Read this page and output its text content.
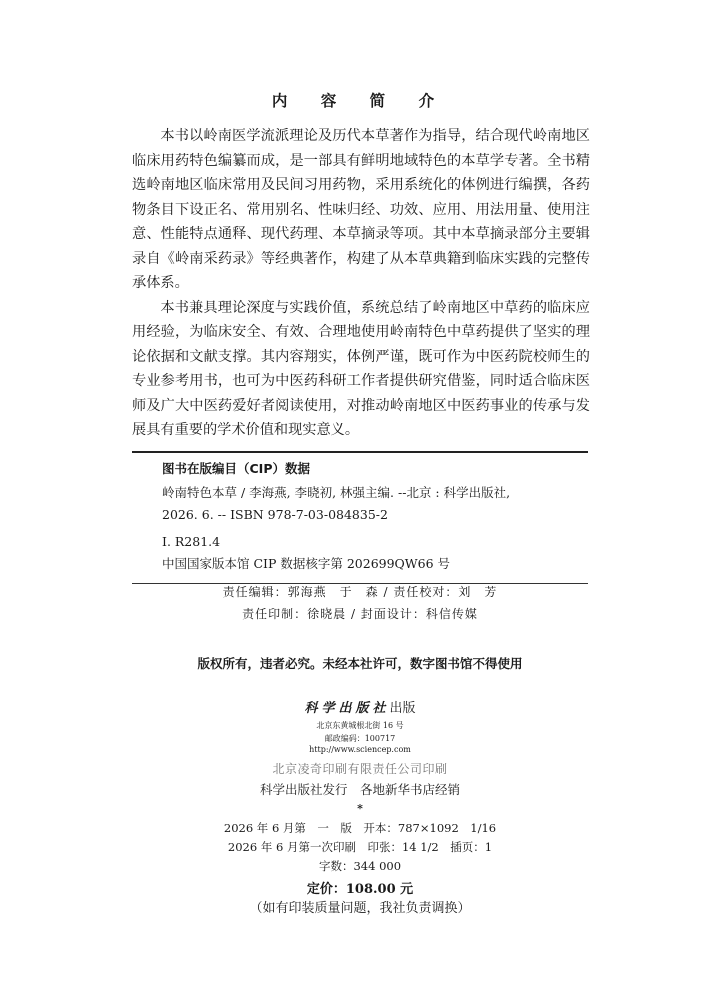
内 容 简 介

本书以岭南医学流派理论及历代本草著作为指导，结合现代岭南地区临床用药特色编纂而成，是一部具有鲜明地域特色的本草学专著。全书精选岭南地区临床常用及民间习用药物，采用系统化的体例进行编撰，各药物条目下设正名、常用别名、性味归经、功效、应用、用法用量、使用注意、性能特点通释、现代药理、本草摘录等项。其中本草摘录部分主要辑录自《岭南采药录》等经典著作，构建了从本草典籍到临床实践的完整传承体系。

本书兼具理论深度与实践价值，系统总结了岭南地区中草药的临床应用经验，为临床安全、有效、合理地使用岭南特色中草药提供了坚实的理论依据和文献支撑。其内容翔实，体例严谨，既可作为中医药院校师生的专业参考用书，也可为中医药科研工作者提供研究借鉴，同时适合临床医师及广大中医药爱好者阅读使用，对推动岭南地区中医药事业的传承与发展具有重要的学术价值和现实意义。

图书在版编目（CIP）数据
岭南特色本草 / 李海燕, 李晓初, 林强主编. --北京 : 科学出版社,
2026. 6. -- ISBN 978-7-03-084835-2
Ⅰ. R281.4
中国国家版本馆 CIP 数据核字第 202699QW66 号
责任编辑：郭海燕　于　森 / 责任校对：刘　芳
责任印制：徐晓晨 / 封面设计：科信传媒
版权所有，违者必究。未经本社许可，数字图书馆不得使用
科学出版社出版
北京东黄城根北街 16 号
邮政编码：100717
http://www.sciencep.com
北京凌奇印刷有限责任公司印刷
科学出版社发行　各地新华书店经销
*
2026 年 6 月第　一　版　开本：787×1092　1/16
2026 年 6 月第一次印刷　印张：14 1/2　插页：1
字数：344 000
定价：108.00 元
（如有印装质量问题，我社负责调换）
